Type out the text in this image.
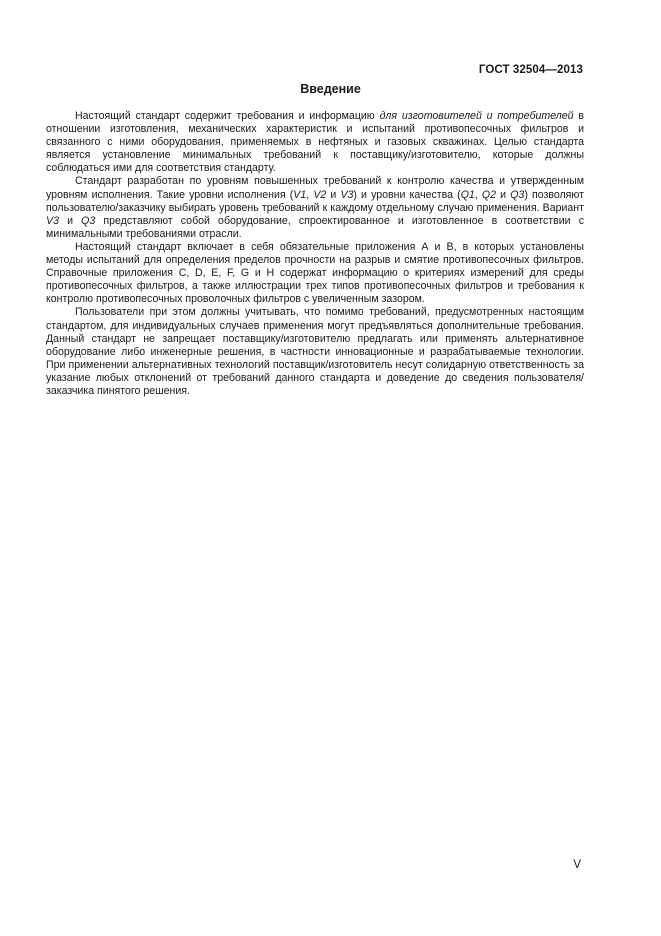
ГОСТ 32504—2013
Введение

Настоящий стандарт содержит требования и информацию для изготовителей и потребителей в отношении изготовления, механических характеристик и испытаний противопесочных фильтров и связанного с ними оборудования, применяемых в нефтяных и газовых скважинах. Целью стандарта является установление минимальных требований к поставщику/изготовителю, которые должны соблюдаться ими для соответствия стандарту.

Стандарт разработан по уровням повышенных требований к контролю качества и утвержденным уровням исполнения. Такие уровни исполнения (V1, V2 и V3) и уровни качества (Q1, Q2 и Q3) позволяют пользователю/заказчику выбирать уровень требований к каждому отдельному случаю применения. Вариант V3 и Q3 представляют собой оборудование, спроектированное и изготовленное в соответствии с минимальными требованиями отрасли.

Настоящий стандарт включает в себя обязательные приложения А и В, в которых установлены методы испытаний для определения пределов прочности на разрыв и смятие противопесочных фильтров. Справочные приложения С, D, E, F, G и Н содержат информацию о критериях измерений для среды противопесочных фильтров, а также иллюстрации трех типов противопесочных фильтров и требования к контролю противопесочных проволочных фильтров с увеличенным зазором.

Пользователи при этом должны учитывать, что помимо требований, предусмотренных настоящим стандартом, для индивидуальных случаев применения могут предъявляться дополнительные требования. Данный стандарт не запрещает поставщику/изготовителю предлагать или применять альтернативное оборудование либо инженерные решения, в частности инновационные и разрабатываемые технологии. При применении альтернативных технологий поставщик/изготовитель несут солидарную ответственность за указание любых отклонений от требований данного стандарта и доведение до сведения пользователя/заказчика пинятого решения.

V
